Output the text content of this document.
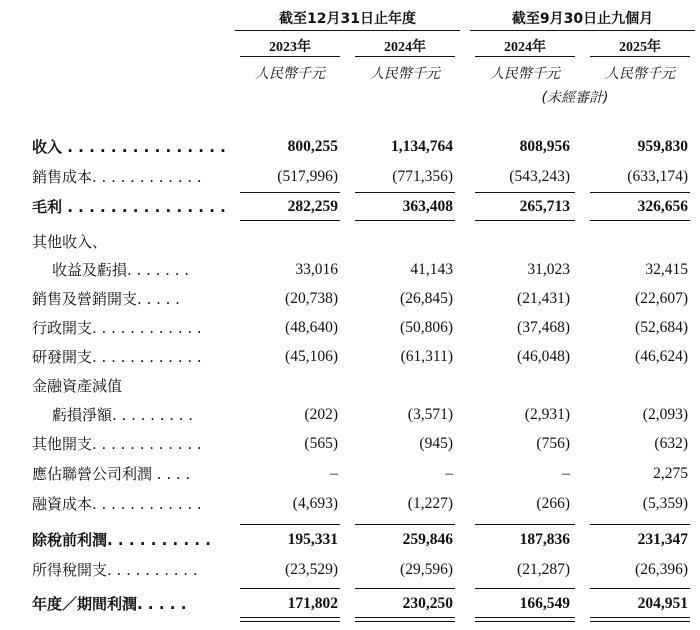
截至12月31日止年度	截至9月30日止九個月
2023年	2024年	2024年	2025年
人民幣千元	人民幣千元	人民幣千元	人民幣千元
(未經審計)
收入 . . . . . . . . . . . . . . .	800,255	1,134,764	808,956	959,830
銷售成本. . . . . . . . . . . .	(517,996)	(771,356)	(543,243)	(633,174)
毛利 . . . . . . . . . . . . . . .	282,259	363,408	265,713	326,656
其他收入、
收益及虧損. . . . . . .	33,016	41,143	31,023	32,415
銷售及營銷開支. . . . .	(20,738)	(26,845)	(21,431)	(22,607)
行政開支. . . . . . . . . . . .	(48,640)	(50,806)	(37,468)	(52,684)
研發開支. . . . . . . . . . . .	(45,106)	(61,311)	(46,048)	(46,624)
金融資產減值
虧損淨額. . . . . . . . .	(202)	(3,571)	(2,931)	(2,093)
其他開支. . . . . . . . . . . .	(565)	(945)	(756)	(632)
應佔聯營公司利潤 . . . .	–	–	–	2,275
融資成本. . . . . . . . . . . .	(4,693)	(1,227)	(266)	(5,359)
除稅前利潤. . . . . . . . . .	195,331	259,846	187,836	231,347
所得稅開支. . . . . . . . . .	(23,529)	(29,596)	(21,287)	(26,396)
年度／期間利潤. . . . .	171,802	230,250	166,549	204,951
